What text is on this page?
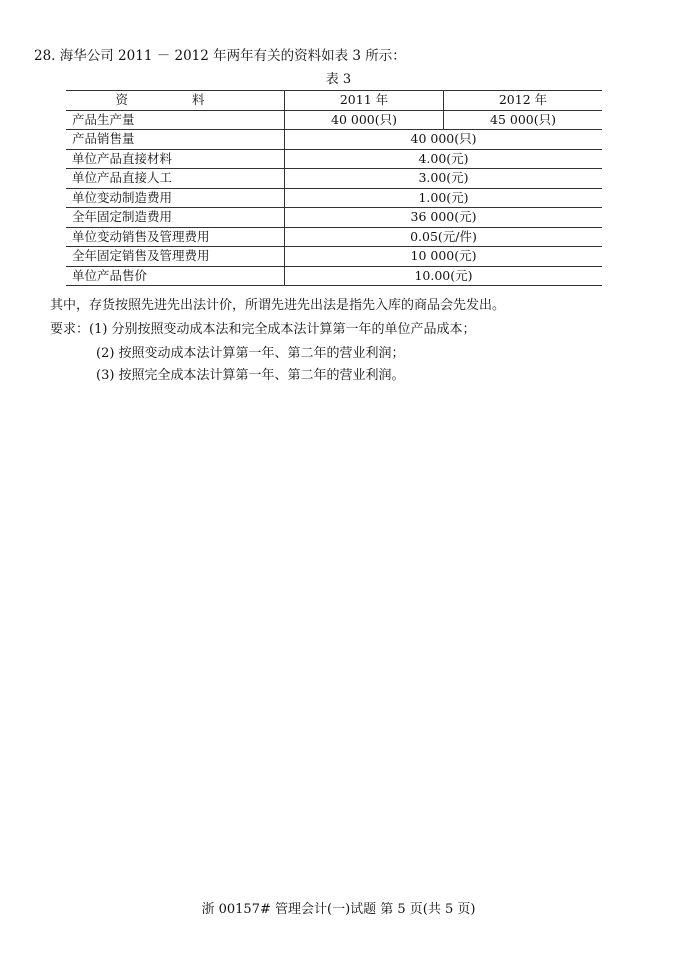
28. 海华公司 2011 － 2012 年两年有关的资料如表 3 所示：
表 3
资 料	2011 年	2012 年
产品生产量	40 000(只)	45 000(只)
产品销售量	40 000(只)	
单位产品直接材料	4.00(元)	
单位产品直接人工	3.00(元)	
单位变动制造费用	1.00(元)	
全年固定制造费用	36 000(元)	
单位变动销售及管理费用	0.05(元/件)	
全年固定销售及管理费用	10 000(元)	
单位产品售价	10.00(元)	
其中，存货按照先进先出法计价，所谓先进先出法是指先入库的商品会先发出。
要求：(1) 分别按照变动成本法和完全成本法计算第一年的单位产品成本；
(2) 按照变动成本法计算第一年、第二年的营业利润；
(3) 按照完全成本法计算第一年、第二年的营业利润。
浙 00157# 管理会计(一)试题 第 5 页(共 5 页)
